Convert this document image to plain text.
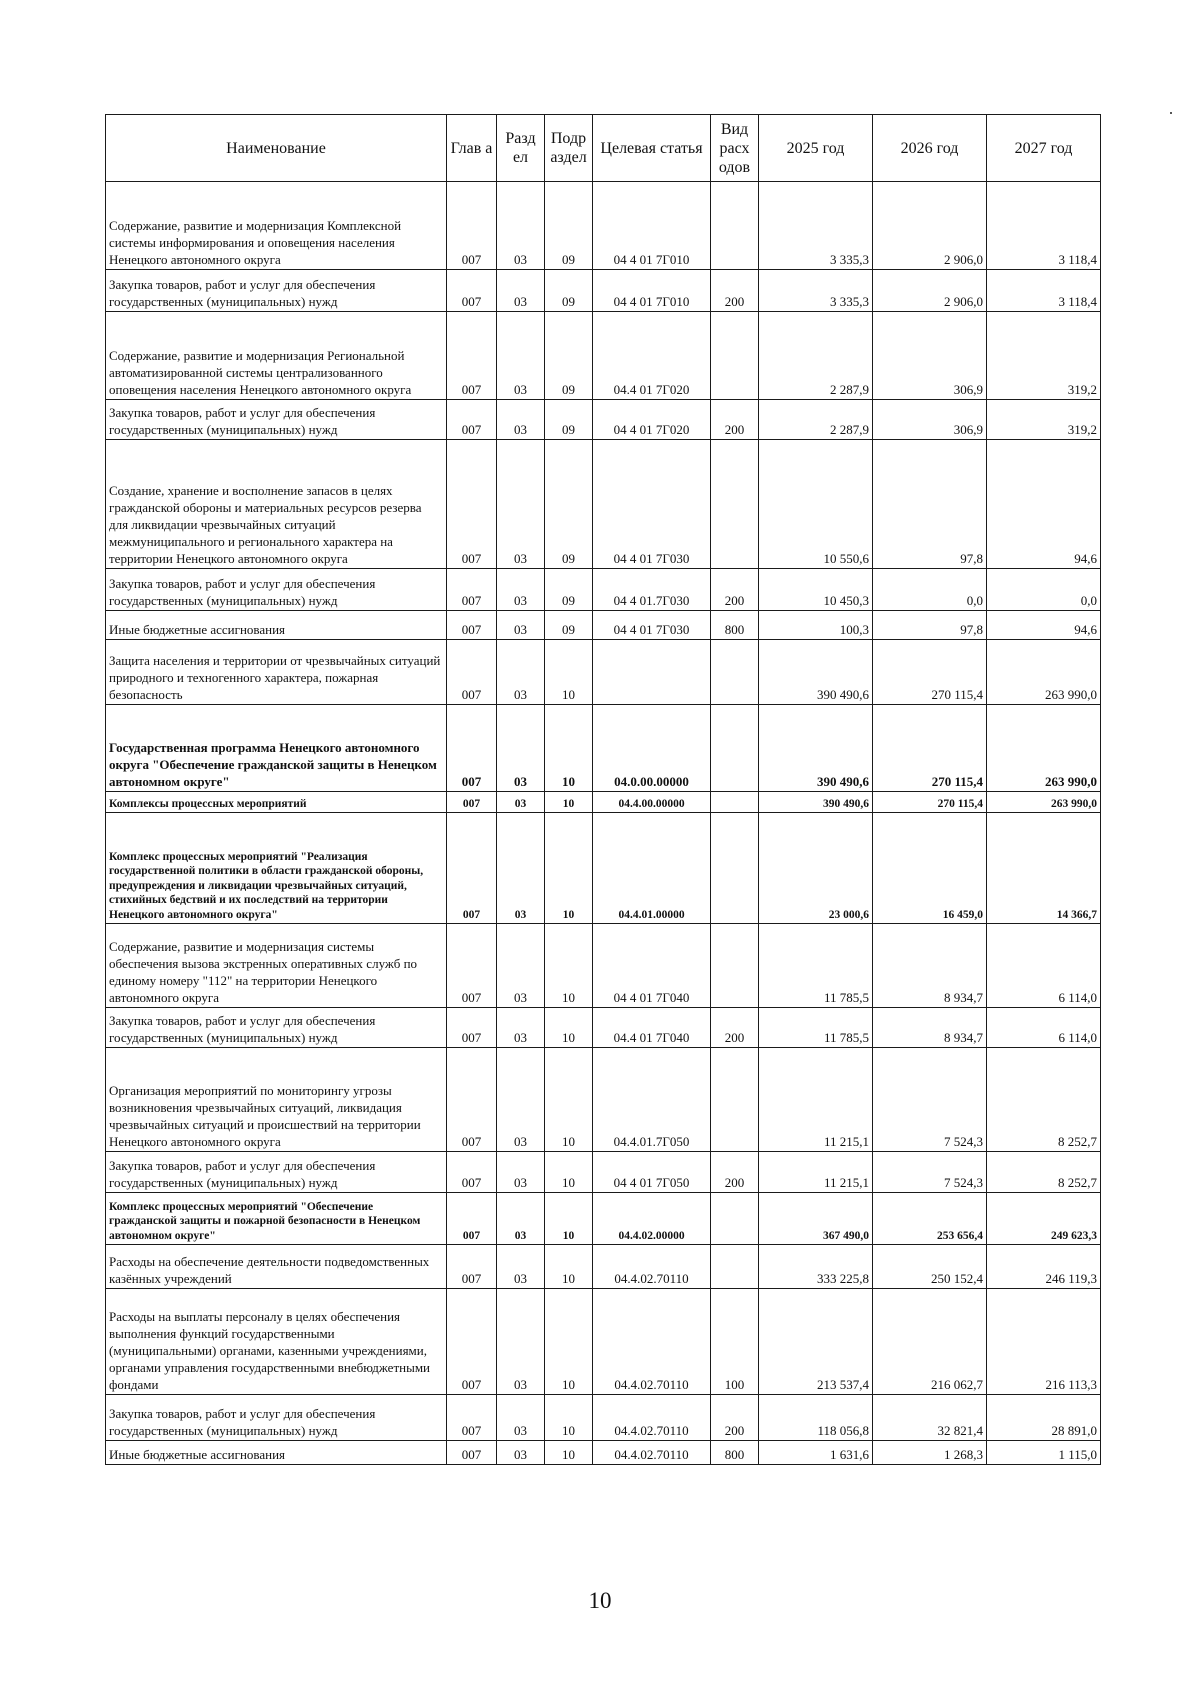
Наименование	Глав а	Разд ел	Подр аздел	Целевая статья	Вид расх одов	2025 год	2026 год	2027 год
Содержание, развитие и модернизация Комплексной системы информирования и оповещения населения Ненецкого автономного округа	007	03	09	04 4 01 7Г010		3 335,3	2 906,0	3 118,4
Закупка товаров, работ и услуг для обеспечения государственных (муниципальных) нужд	007	03	09	04 4 01 7Г010	200	3 335,3	2 906,0	3 118,4
Содержание, развитие и модернизация Региональной автоматизированной системы централизованного оповещения населения Ненецкого автономного округа	007	03	09	04.4 01 7Г020		2 287,9	306,9	319,2
Закупка товаров, работ и услуг для обеспечения государственных (муниципальных) нужд	007	03	09	04 4 01 7Г020	200	2 287,9	306,9	319,2
Создание, хранение и восполнение запасов в целях гражданской обороны и материальных ресурсов резерва для ликвидации чрезвычайных ситуаций межмуниципального и регионального характера на территории Ненецкого автономного округа	007	03	09	04 4 01 7Г030		10 550,6	97,8	94,6
Закупка товаров, работ и услуг для обеспечения государственных (муниципальных) нужд	007	03	09	04 4 01.7Г030	200	10 450,3	0,0	0,0
Иные бюджетные ассигнования	007	03	09	04 4 01 7Г030	800	100,3	97,8	94,6
Защита населения и территории от чрезвычайных ситуаций природного и техногенного характера, пожарная безопасность	007	03	10			390 490,6	270 115,4	263 990,0
Государственная программа Ненецкого автономного округа "Обеспечение гражданской защиты в Ненецком автономном округе"	007	03	10	04.0.00.00000		390 490,6	270 115,4	263 990,0
Комплексы процессных мероприятий	007	03	10	04.4.00.00000		390 490,6	270 115,4	263 990,0
Комплекс процессных мероприятий "Реализация государственной политики в области гражданской обороны, предупреждения и ликвидации чрезвычайных ситуаций, стихийных бедствий и их последствий на территории Ненецкого автономного округа"	007	03	10	04.4.01.00000		23 000,6	16 459,0	14 366,7
Содержание, развитие и модернизация системы обеспечения вызова экстренных оперативных служб по единому номеру "112" на территории Ненецкого автономного округа	007	03	10	04 4 01 7Г040		11 785,5	8 934,7	6 114,0
Закупка товаров, работ и услуг для обеспечения государственных (муниципальных) нужд	007	03	10	04.4 01 7Г040	200	11 785,5	8 934,7	6 114,0
Организация мероприятий по мониторингу угрозы возникновения чрезвычайных ситуаций, ликвидация чрезвычайных ситуаций и происшествий на территории Ненецкого автономного округа	007	03	10	04.4.01.7Г050		11 215,1	7 524,3	8 252,7
Закупка товаров, работ и услуг для обеспечения государственных (муниципальных) нужд	007	03	10	04 4 01 7Г050	200	11 215,1	7 524,3	8 252,7
Комплекс процессных мероприятий "Обеспечение гражданской защиты и пожарной безопасности в Ненецком автономном округе"	007	03	10	04.4.02.00000		367 490,0	253 656,4	249 623,3
Расходы на обеспечение деятельности подведомственных казённых учреждений	007	03	10	04.4.02.70110		333 225,8	250 152,4	246 119,3
Расходы на выплаты персоналу в целях обеспечения выполнения функций государственными (муниципальными) органами, казенными учреждениями, органами управления государственными внебюджетными фондами	007	03	10	04.4.02.70110	100	213 537,4	216 062,7	216 113,3
Закупка товаров, работ и услуг для обеспечения государственных (муниципальных) нужд	007	03	10	04.4.02.70110	200	118 056,8	32 821,4	28 891,0
Иные бюджетные ассигнования	007	03	10	04.4.02.70110	800	1 631,6	1 268,3	1 115,0
10
